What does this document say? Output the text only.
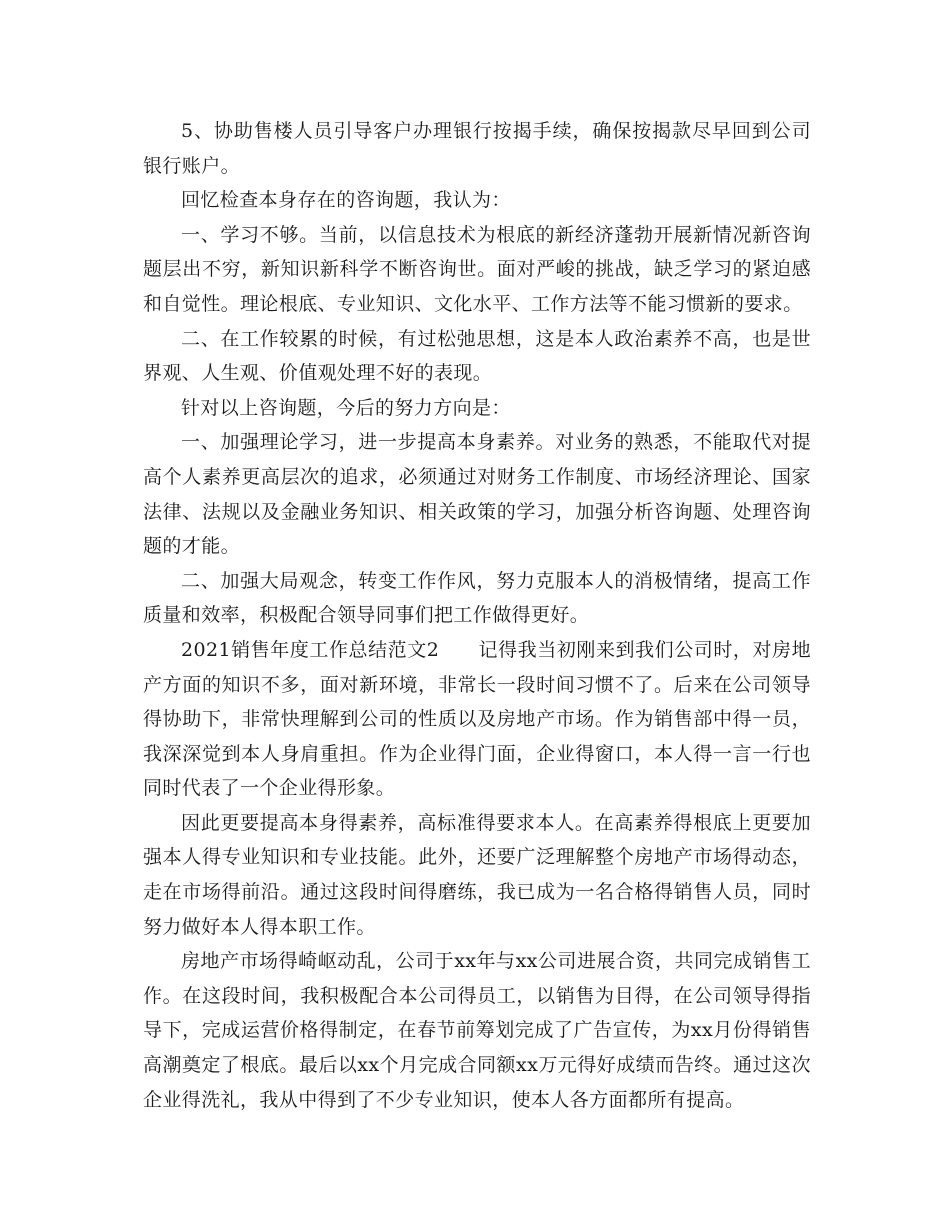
5、协助售楼人员引导客户办理银行按揭手续，确保按揭款尽早回到公司银行账户。

回忆检查本身存在的咨询题，我认为：

一、学习不够。当前，以信息技术为根底的新经济蓬勃开展新情况新咨询题层出不穷，新知识新科学不断咨询世。面对严峻的挑战，缺乏学习的紧迫感和自觉性。理论根底、专业知识、文化水平、工作方法等不能习惯新的要求。

二、在工作较累的时候，有过松弛思想，这是本人政治素养不高，也是世界观、人生观、价值观处理不好的表现。

针对以上咨询题，今后的努力方向是：

一、加强理论学习，进一步提高本身素养。对业务的熟悉，不能取代对提高个人素养更高层次的追求，必须通过对财务工作制度、市场经济理论、国家法律、法规以及金融业务知识、相关政策的学习，加强分析咨询题、处理咨询题的才能。

二、加强大局观念，转变工作作风，努力克服本人的消极情绪，提高工作质量和效率，积极配合领导同事们把工作做得更好。

2021销售年度工作总结范文2　　记得我当初刚来到我们公司时，对房地产方面的知识不多，面对新环境，非常长一段时间习惯不了。后来在公司领导得协助下，非常快理解到公司的性质以及房地产市场。作为销售部中得一员，我深深觉到本人身肩重担。作为企业得门面，企业得窗口，本人得一言一行也同时代表了一个企业得形象。

因此更要提高本身得素养，高标准得要求本人。在高素养得根底上更要加强本人得专业知识和专业技能。此外，还要广泛理解整个房地产市场得动态，走在市场得前沿。通过这段时间得磨练，我已成为一名合格得销售人员，同时努力做好本人得本职工作。

房地产市场得崎岖动乱，公司于xx年与xx公司进展合资，共同完成销售工作。在这段时间，我积极配合本公司得员工，以销售为目得，在公司领导得指导下，完成运营价格得制定，在春节前筹划完成了广告宣传，为xx月份得销售高潮奠定了根底。最后以xx个月完成合同额xx万元得好成绩而告终。通过这次企业得洗礼，我从中得到了不少专业知识，使本人各方面都所有提高。
